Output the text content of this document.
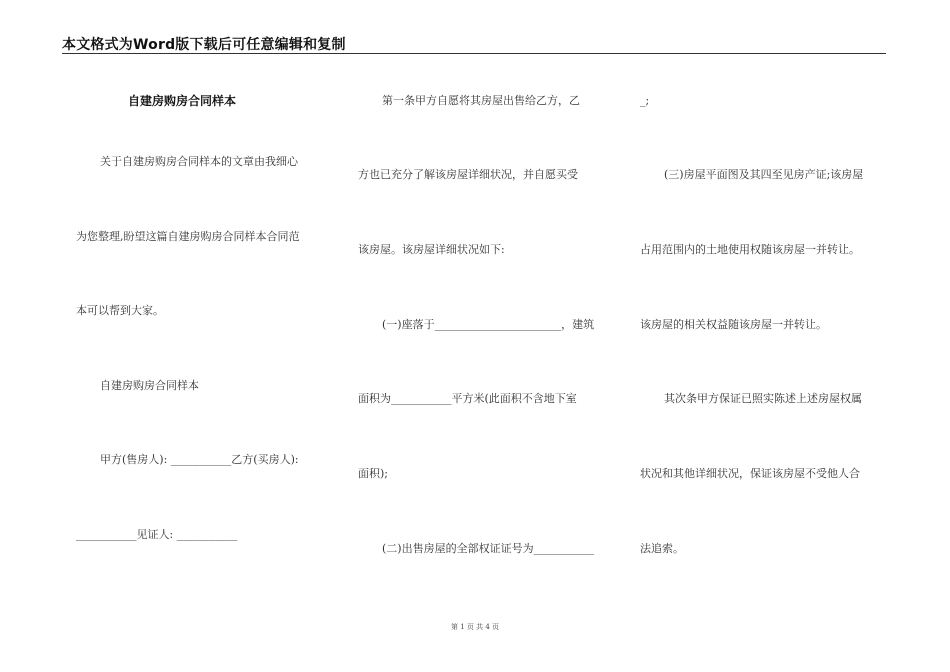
本文格式为Word版下载后可任意编辑和复制
自建房购房合同样本
关于自建房购房合同样本的文章由我细心
为您整理,盼望这篇自建房购房合同样本合同范
本可以帮到大家。
自建房购房合同样本
甲方(售房人): ___________乙方(买房人):
___________见证人: ___________
第一条甲方自愿将其房屋出售给乙方，乙
方也已充分了解该房屋详细状况，并自愿买受
该房屋。该房屋详细状况如下:
(一)座落于_______________________，建筑
面积为___________平方米(此面积不含地下室
面积);
(二)出售房屋的全部权证证号为___________
_;
(三)房屋平面图及其四至见房产证;该房屋
占用范围内的土地使用权随该房屋一并转让。
该房屋的相关权益随该房屋一并转让。
其次条甲方保证已照实陈述上述房屋权属
状况和其他详细状况，保证该房屋不受他人合
法追索。
第 1 页 共 4 页
